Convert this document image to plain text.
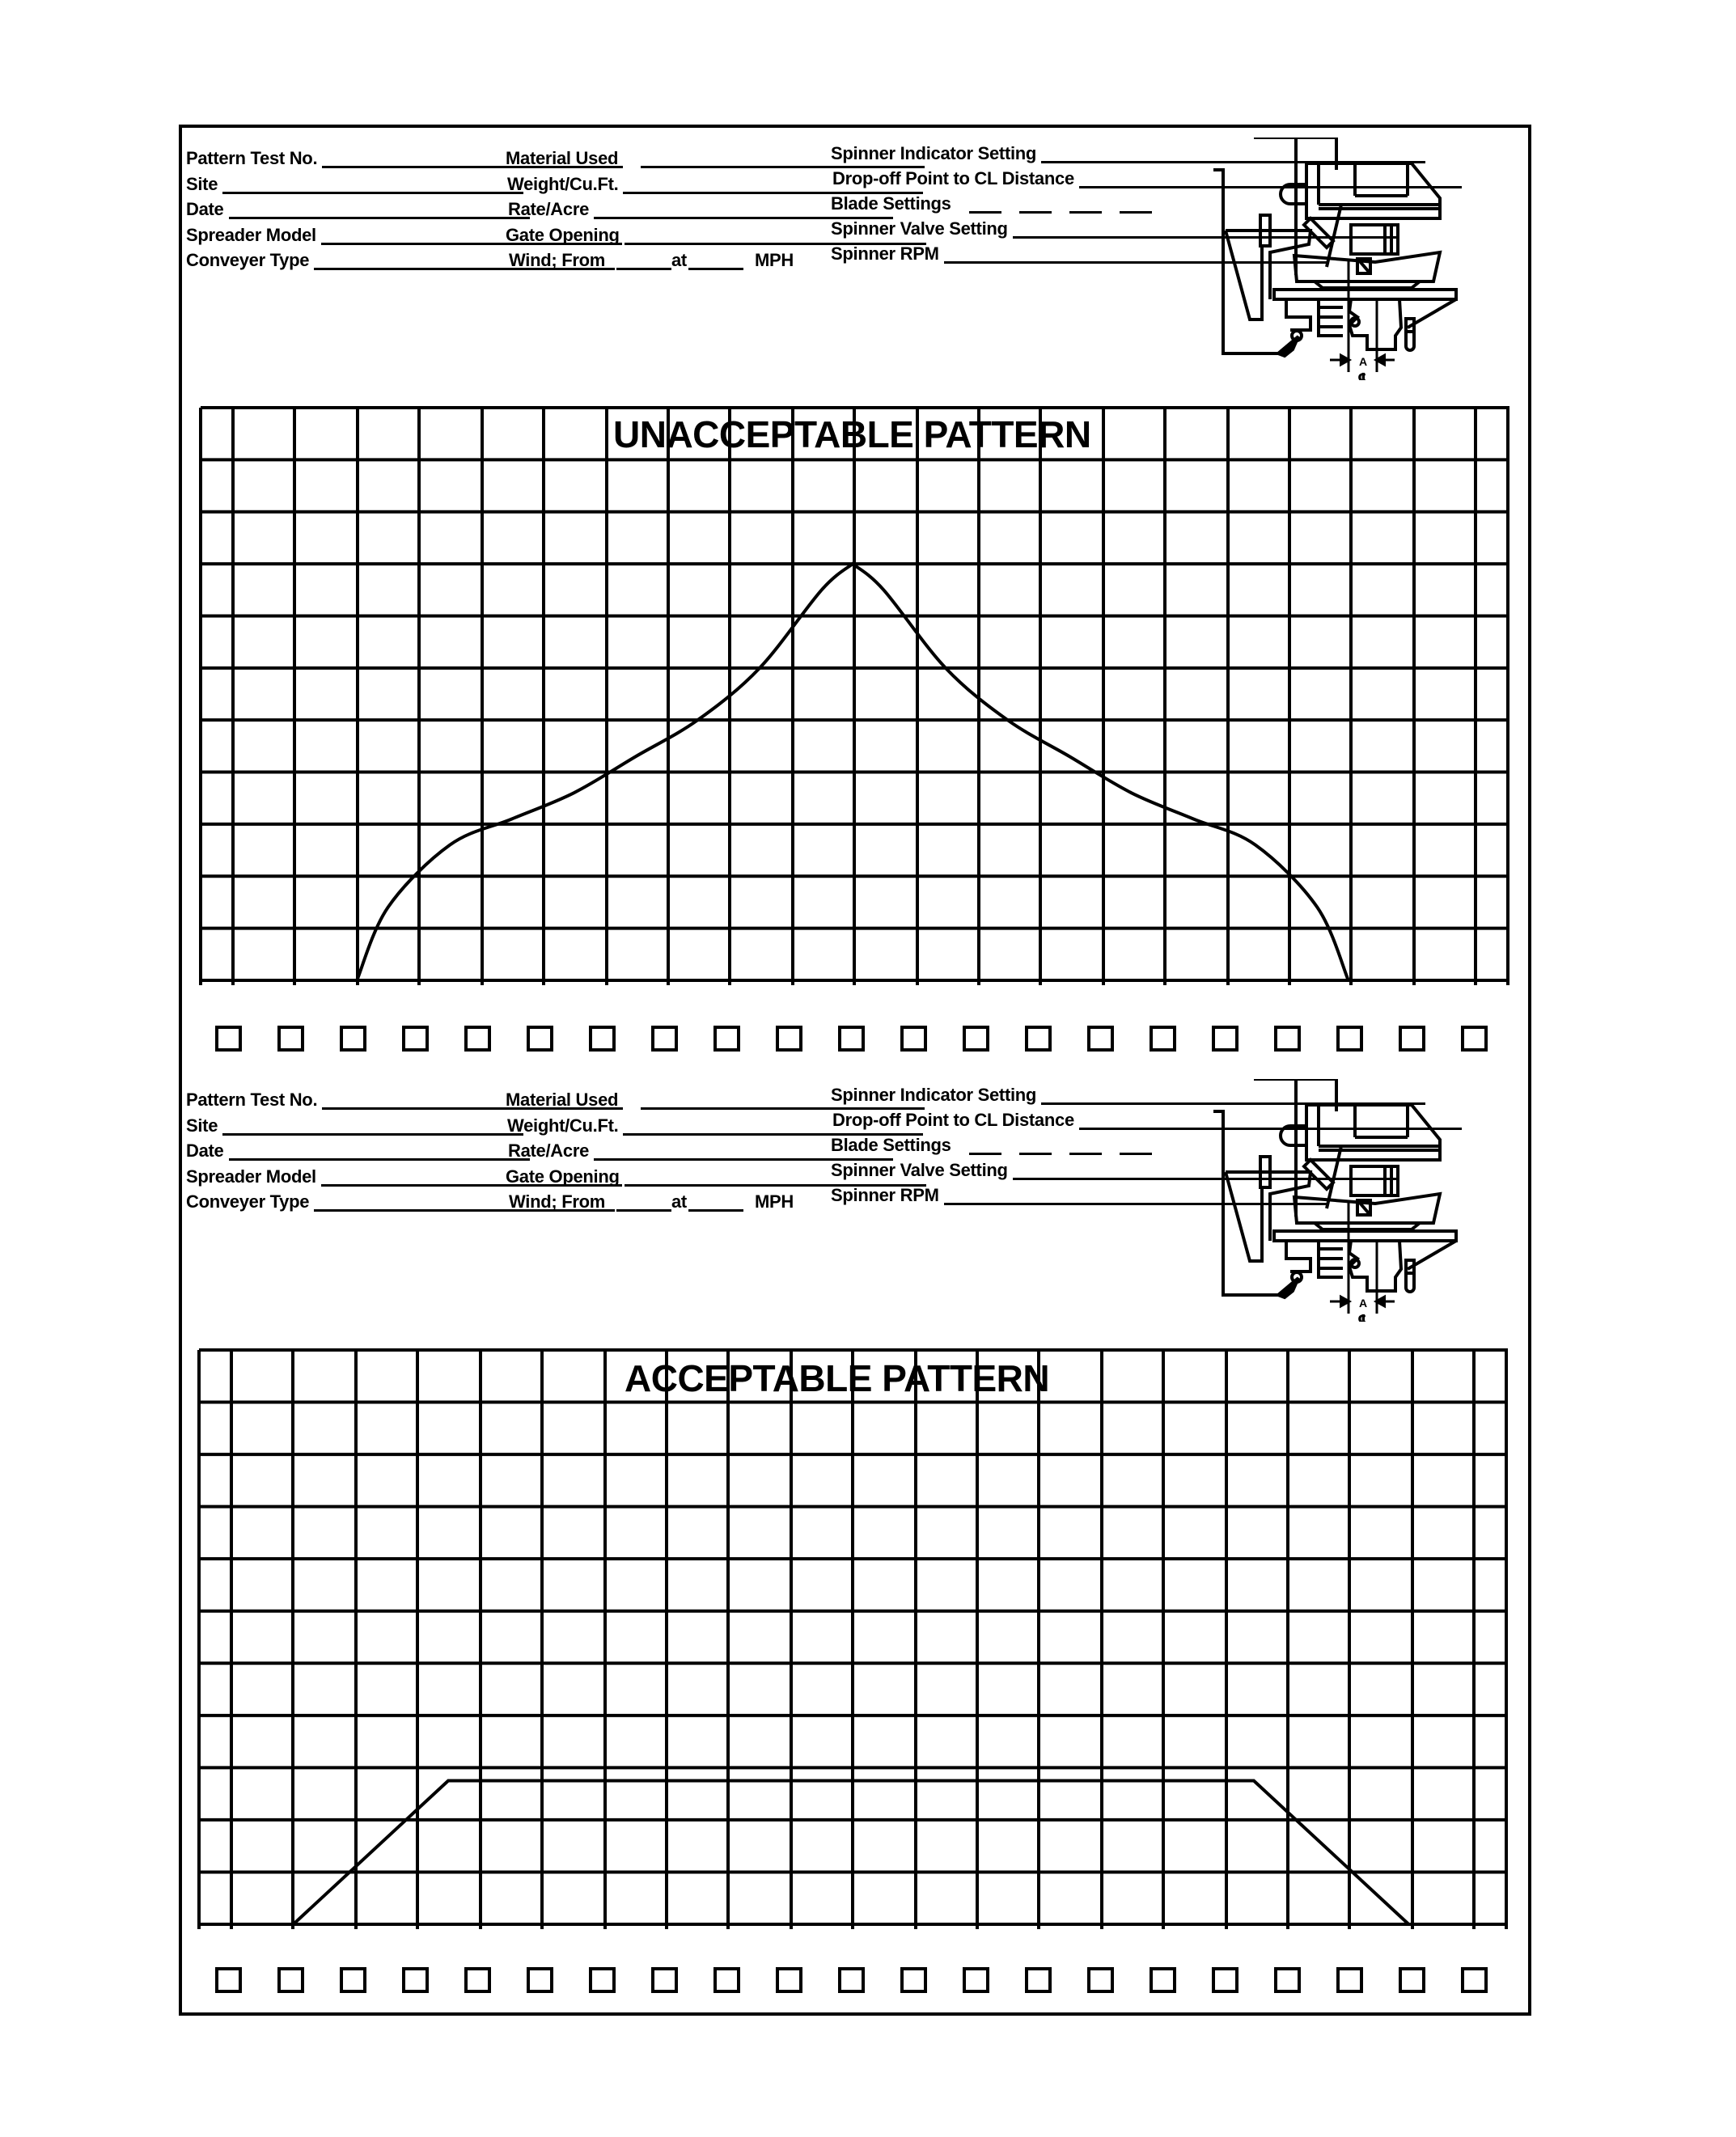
Pattern Test No.
Site
Date
Spreader Model
Conveyer Type
Material Used
Weight/Cu.Ft.
Rate/Acre
Gate Opening
Wind; From	at	MPH
Spinner Indicator Setting
Drop-off Point to CL Distance
Blade Settings
Spinner Valve Setting
Spinner RPM
A
℄
UNACCEPTABLE PATTERN
Pattern Test No.
Site
Date
Spreader Model
Conveyer Type
Material Used
Weight/Cu.Ft.
Rate/Acre
Gate Opening
Wind; From	at	MPH
Spinner Indicator Setting
Drop-off Point to CL Distance
Blade Settings
Spinner Valve Setting
Spinner RPM
A
℄
ACCEPTABLE PATTERN
